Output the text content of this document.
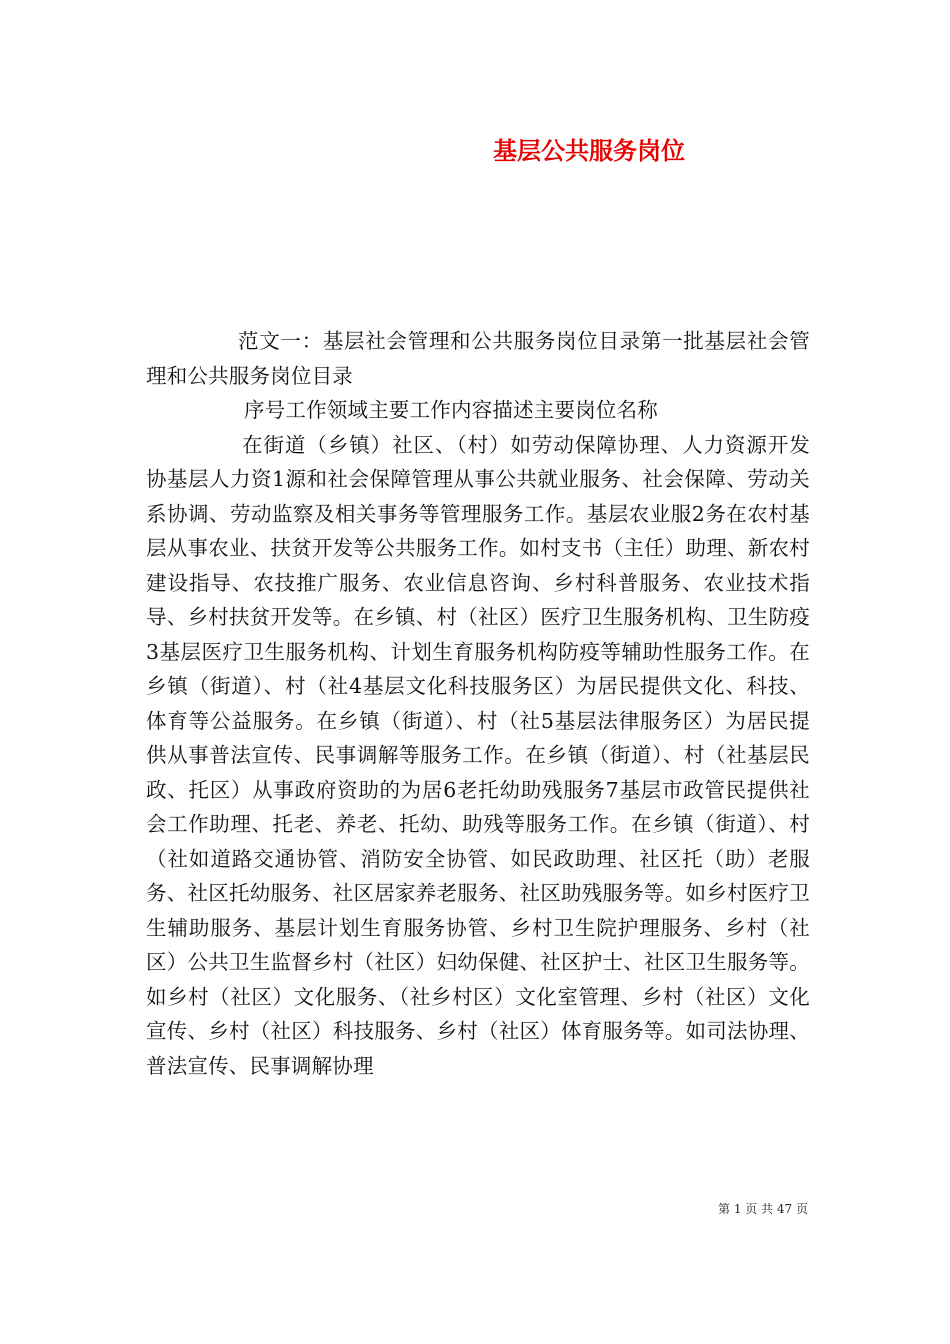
基层公共服务岗位

范文一：基层社会管理和公共服务岗位目录第一批基层社会管理和公共服务岗位目录

序号工作领域主要工作内容描述主要岗位名称

在街道（乡镇）社区、（村）如劳动保障协理、人力资源开发协基层人力资1源和社会保障管理从事公共就业服务、社会保障、劳动关系协调、劳动监察及相关事务等管理服务工作。基层农业服2务在农村基层从事农业、扶贫开发等公共服务工作。如村支书（主任）助理、新农村建设指导、农技推广服务、农业信息咨询、乡村科普服务、农业技术指导、乡村扶贫开发等。在乡镇、村（社区）医疗卫生服务机构、卫生防疫3基层医疗卫生服务机构、计划生育服务机构防疫等辅助性服务工作。在乡镇（街道）、村（社4基层文化科技服务区）为居民提供文化、科技、体育等公益服务。在乡镇（街道）、村（社5基层法律服务区）为居民提供从事普法宣传、民事调解等服务工作。在乡镇（街道）、村（社基层民政、托区）从事政府资助的为居6老托幼助残服务7基层市政管民提供社会工作助理、托老、养老、托幼、助残等服务工作。在乡镇（街道）、村（社如道路交通协管、消防安全协管、如民政助理、社区托（助）老服务、社区托幼服务、社区居家养老服务、社区助残服务等。如乡村医疗卫生辅助服务、基层计划生育服务协管、乡村卫生院护理服务、乡村（社区）公共卫生监督乡村（社区）妇幼保健、社区护士、社区卫生服务等。如乡村（社区）文化服务、（社乡村区）文化室管理、乡村（社区）文化宣传、乡村（社区）科技服务、乡村（社区）体育服务等。如司法协理、普法宣传、民事调解协理

第 1 页 共 47 页
